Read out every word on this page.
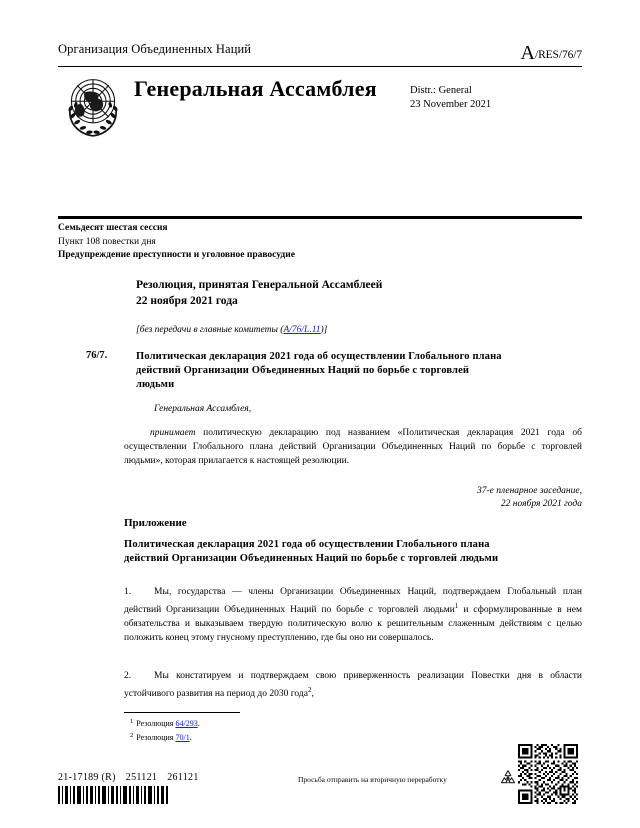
Организация Объединенных Наций	A/RES/76/7
Генеральная Ассамблея	Distr.: General
23 November 2021
Семьдесят шестая сессия
Пункт 108 повестки дня
Предупреждение преступности и уголовное правосудие
Резолюция, принятая Генеральной Ассамблеей
22 ноября 2021 года
[без передачи в главные комитеты (A/76/L.11)]
76/7.	Политическая декларация 2021 года об осуществлении Глобального плана действий Организации Объединенных Наций по борьбе с торговлей людьми
Генеральная Ассамблея,
принимает политическую декларацию под названием «Политическая декларация 2021 года об осуществлении Глобального плана действий Организации Объединенных Наций по борьбе с торговлей людьми», которая прилагается к настоящей резолюции.
37-е пленарное заседание,
22 ноября 2021 года
Приложение
Политическая декларация 2021 года об осуществлении Глобального плана действий Организации Объединенных Наций по борьбе с торговлей людьми
1. Мы, государства — члены Организации Объединенных Наций, подтверждаем Глобальный план действий Организации Объединенных Наций по борьбе с торговлей людьми$^1$ и сформулированные в нем обязательства и выказываем твердую политическую волю к решительным слаженным действиям с целью положить конец этому гнусному преступлению, где бы оно ни совершалось.
2. Мы констатируем и подтверждаем свою приверженность реализации Повестки дня в области устойчивого развития на период до 2030 года$^2$,
$^1$ Резолюция 64/293.
$^2$ Резолюция 70/1.
21-17189 (R) 251121 261121	Просьба отправить на вторичную переработку
